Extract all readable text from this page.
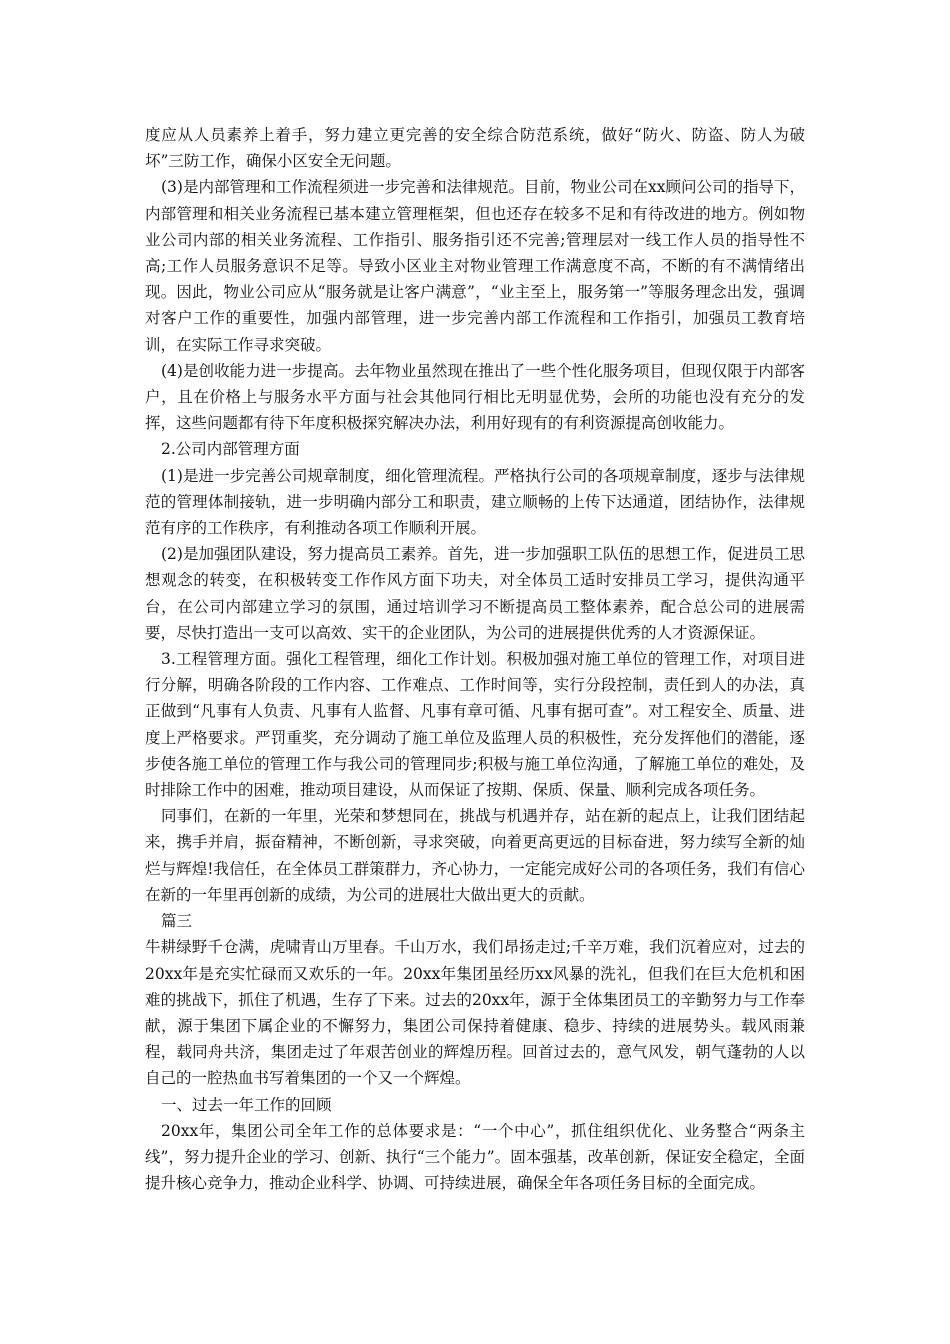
度应从人员素养上着手，努力建立更完善的安全综合防范系统，做好“防火、防盗、防人为破坏”三防工作，确保小区安全无问题。

(3)是内部管理和工作流程须进一步完善和法律规范。目前，物业公司在xx顾问公司的指导下，内部管理和相关业务流程已基本建立管理框架，但也还存在较多不足和有待改进的地方。例如物业公司内部的相关业务流程、工作指引、服务指引还不完善;管理层对一线工作人员的指导性不高;工作人员服务意识不足等。导致小区业主对物业管理工作满意度不高，不断的有不满情绪出现。因此，物业公司应从“服务就是让客户满意”，“业主至上，服务第一”等服务理念出发，强调对客户工作的重要性，加强内部管理，进一步完善内部工作流程和工作指引，加强员工教育培训，在实际工作寻求突破。

(4)是创收能力进一步提高。去年物业虽然现在推出了一些个性化服务项目，但现仅限于内部客户，且在价格上与服务水平方面与社会其他同行相比无明显优势，会所的功能也没有充分的发挥，这些问题都有待下年度积极探究解决办法，利用好现有的有利资源提高创收能力。

2.公司内部管理方面

(1)是进一步完善公司规章制度，细化管理流程。严格执行公司的各项规章制度，逐步与法律规范的管理体制接轨，进一步明确内部分工和职责，建立顺畅的上传下达通道，团结协作，法律规范有序的工作秩序，有利推动各项工作顺利开展。

(2)是加强团队建设，努力提高员工素养。首先，进一步加强职工队伍的思想工作，促进员工思想观念的转变，在积极转变工作作风方面下功夫，对全体员工适时安排员工学习，提供沟通平台，在公司内部建立学习的氛围，通过培训学习不断提高员工整体素养，配合总公司的进展需要，尽快打造出一支可以高效、实干的企业团队，为公司的进展提供优秀的人才资源保证。

3.工程管理方面。强化工程管理，细化工作计划。积极加强对施工单位的管理工作，对项目进行分解，明确各阶段的工作内容、工作难点、工作时间等，实行分段控制，责任到人的办法，真正做到“凡事有人负责、凡事有人监督、凡事有章可循、凡事有据可查”。对工程安全、质量、进度上严格要求。严罚重奖，充分调动了施工单位及监理人员的积极性，充分发挥他们的潜能，逐步使各施工单位的管理工作与我公司的管理同步;积极与施工单位沟通，了解施工单位的难处，及时排除工作中的困难，推动项目建设，从而保证了按期、保质、保量、顺利完成各项任务。

同事们，在新的一年里，光荣和梦想同在，挑战与机遇并存，站在新的起点上，让我们团结起来，携手并肩，振奋精神，不断创新，寻求突破，向着更高更远的目标奋进，努力续写全新的灿烂与辉煌!我信任，在全体员工群策群力，齐心协力，一定能完成好公司的各项任务，我们有信心在新的一年里再创新的成绩，为公司的进展壮大做出更大的贡献。

篇三

牛耕绿野千仓满，虎啸青山万里春。千山万水，我们昂扬走过;千辛万难，我们沉着应对，过去的20xx年是充实忙碌而又欢乐的一年。20xx年集团虽经历xx风暴的洗礼，但我们在巨大危机和困难的挑战下，抓住了机遇，生存了下来。过去的20xx年，源于全体集团员工的辛勤努力与工作奉献，源于集团下属企业的不懈努力，集团公司保持着健康、稳步、持续的进展势头。载风雨兼程，载同舟共济，集团走过了年艰苦创业的辉煌历程。回首过去的，意气风发，朝气蓬勃的人以自己的一腔热血书写着集团的一个又一个辉煌。

一、过去一年工作的回顾

20xx年，集团公司全年工作的总体要求是：“一个中心”，抓住组织优化、业务整合“两条主线”，努力提升企业的学习、创新、执行“三个能力”。固本强基，改革创新，保证安全稳定，全面提升核心竞争力，推动企业科学、协调、可持续进展，确保全年各项任务目标的全面完成。
